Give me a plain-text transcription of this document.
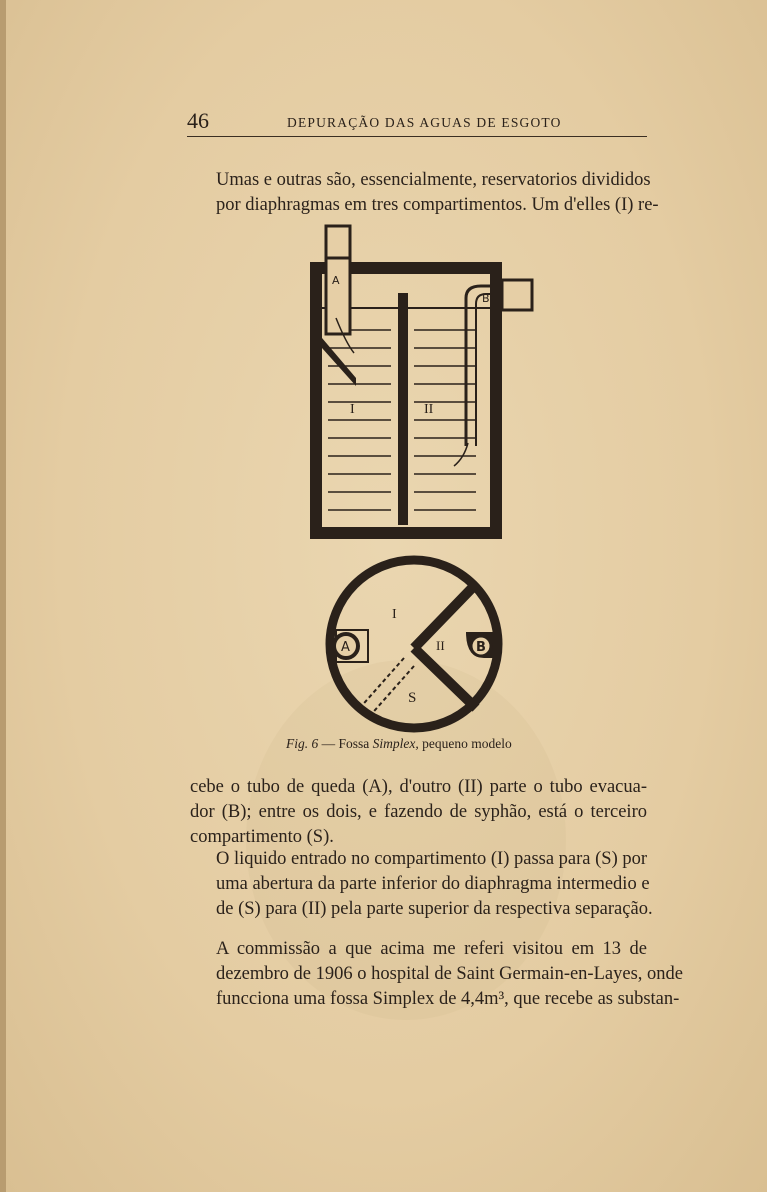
46	DEPURAÇÃO DAS AGUAS DE ESGOTO

Umas e outras são, essencialmente, reservatorios divididos
por diaphragmas em tres compartimentos. Um d'elles (I) re-

A
B
I	II
A	B
I
II
S
Fig. 6 — Fossa Simplex, pequeno modelo

cebe o tubo de queda (A), d'outro (II) parte o tubo evacua-
dor (B); entre os dois, e fazendo de syphão, está o terceiro
compartimento (S).

O liquido entrado no compartimento (I) passa para (S) por
uma abertura da parte inferior do diaphragma intermedio e
de (S) para (II) pela parte superior da respectiva separação.

A commissão a que acima me referi visitou em 13 de
dezembro de 1906 o hospital de Saint Germain-en-Layes, onde
funcciona uma fossa Simplex de 4,4m³, que recebe as substan-
